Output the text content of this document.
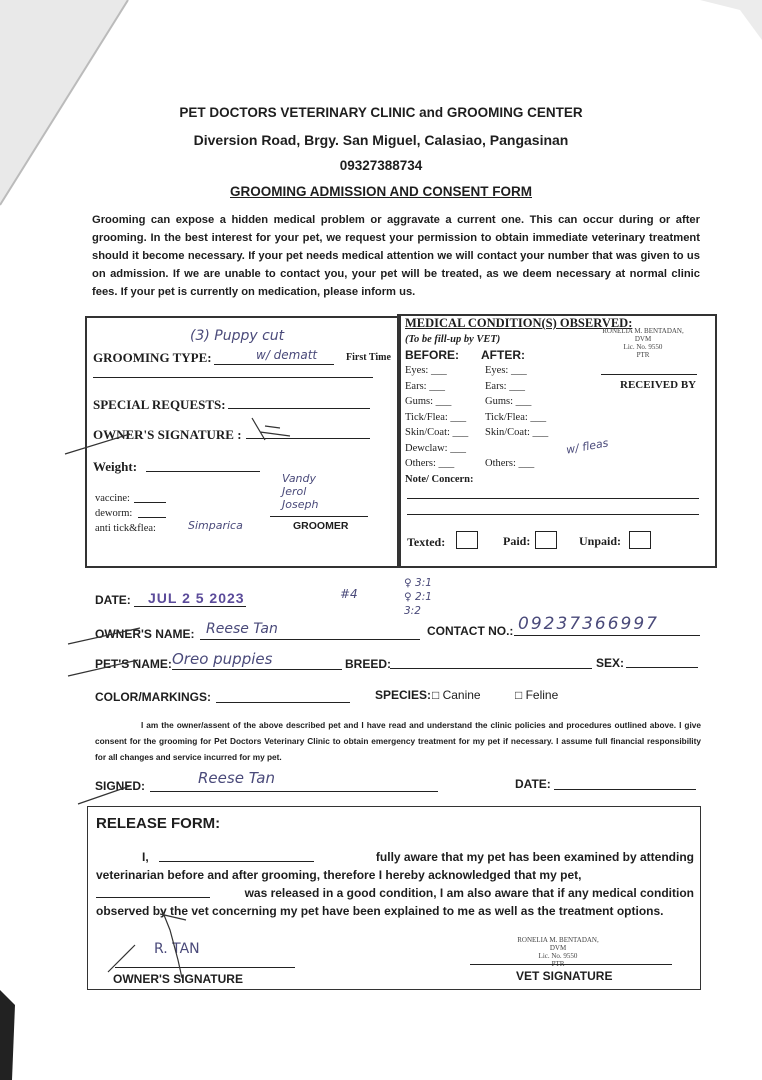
PET DOCTORS VETERINARY CLINIC and GROOMING CENTER
Diversion Road, Brgy. San Miguel, Calasiao, Pangasinan
09327388734
GROOMING ADMISSION AND CONSENT FORM
Grooming can expose a hidden medical problem or aggravate a current one. This can occur during or after grooming. In the best interest for your pet, we request your permission to obtain immediate veterinary treatment should it become necessary. If your pet needs medical attention we will contact your number that was given to us on admission. If we are unable to contact you, your pet will be treated, as we deem necessary at normal clinic fees. If your pet is currently on medication, please inform us.
GROOMING TYPE:
(3) Puppy cut
w/ dematt	First Time
SPECIAL REQUESTS:
OWNER'S SIGNATURE :
Weight:
vaccine:
deworm:
anti tick&flea:	Simparica
Vandy
Jerol
Joseph
GROOMER
MEDICAL CONDITION(S) OBSERVED:
(To be fill-up by VET)
BEFORE: AFTER:
Eyes: ___	Eyes: ___
Ears: ___	Ears: ___
Gums: ___	Gums: ___
Tick/Flea: ___	Tick/Flea: ___
Skin/Coat: ___	Skin/Coat: ___
Dewclaw: ___
Others: ___	Others: ___
Note/ Concern:
w/ fleas
RONELIA M. BENTADAN, DVM
Lic. No. 9550
PTR
RECEIVED BY
Texted:	Paid:	Unpaid:
DATE: JUL 2 5 2023	#4
♀ 3:1
♀ 2:1
3:2
OWNER'S NAME: Reese Tan	CONTACT NO.: 09237366997
PET'S NAME: Oreo puppies	BREED:	SEX:
COLOR/MARKINGS:	SPECIES: □ Canine	□ Feline
I am the owner/assent of the above described pet and I have read and understand the clinic policies and procedures outlined above. I give consent for the grooming for Pet Doctors Veterinary Clinic to obtain emergency treatment for my pet if necessary. I assume full financial responsibility for all changes and service incurred for my pet.
SIGNED:	Reese Tan	DATE:
RELEASE FORM:
I,	fully aware that my pet has been examined by attending
veterinarian before and after grooming, therefore I hereby acknowledged that my pet,
was released in a good condition, I am also aware that if any medical condition
observed by the vet concerning my pet have been explained to me as well as the treatment options.
R. TAN
OWNER'S SIGNATURE
RONELIA M. BENTADAN, DVM
Lic. No. 9550
PTR
VET SIGNATURE
